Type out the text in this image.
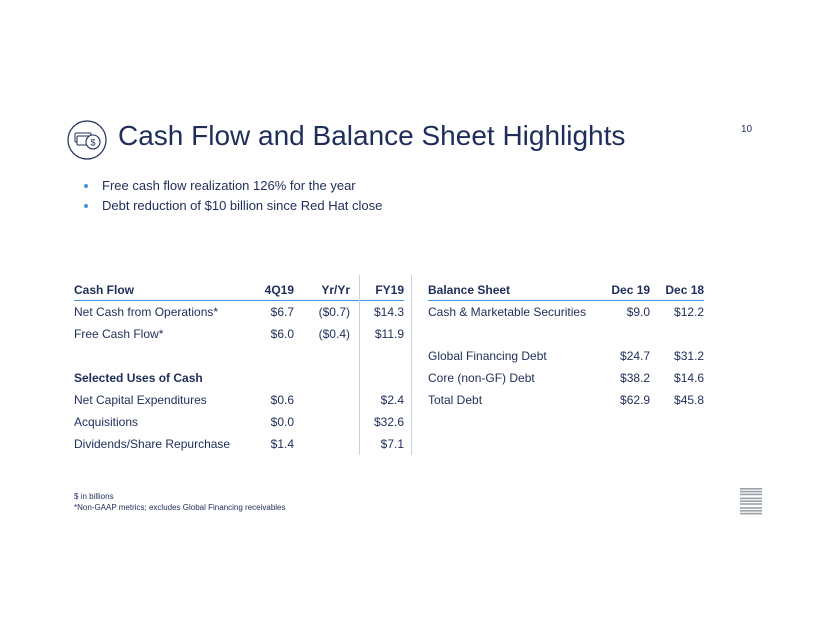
10
$ Cash Flow and Balance Sheet Highlights
Free cash flow realization 126% for the year
Debt reduction of $10 billion since Red Hat close
Cash Flow	4Q19	Yr/Yr	FY19
Net Cash from Operations*	$6.7	($0.7)	$14.3
Free Cash Flow*	$6.0	($0.4)	$11.9

Selected Uses of Cash			
Net Capital Expenditures	$0.6		$2.4
Acquisitions	$0.0		$32.6
Dividends/Share Repurchase	$1.4		$7.1
Balance Sheet	Dec 19	Dec 18
Cash & Marketable Securities	$9.0	$12.2

Global Financing Debt	$24.7	$31.2
Core (non-GF) Debt	$38.2	$14.6
Total Debt	$62.9	$45.8
$ in billions
*Non-GAAP metrics; excludes Global Financing receivables
